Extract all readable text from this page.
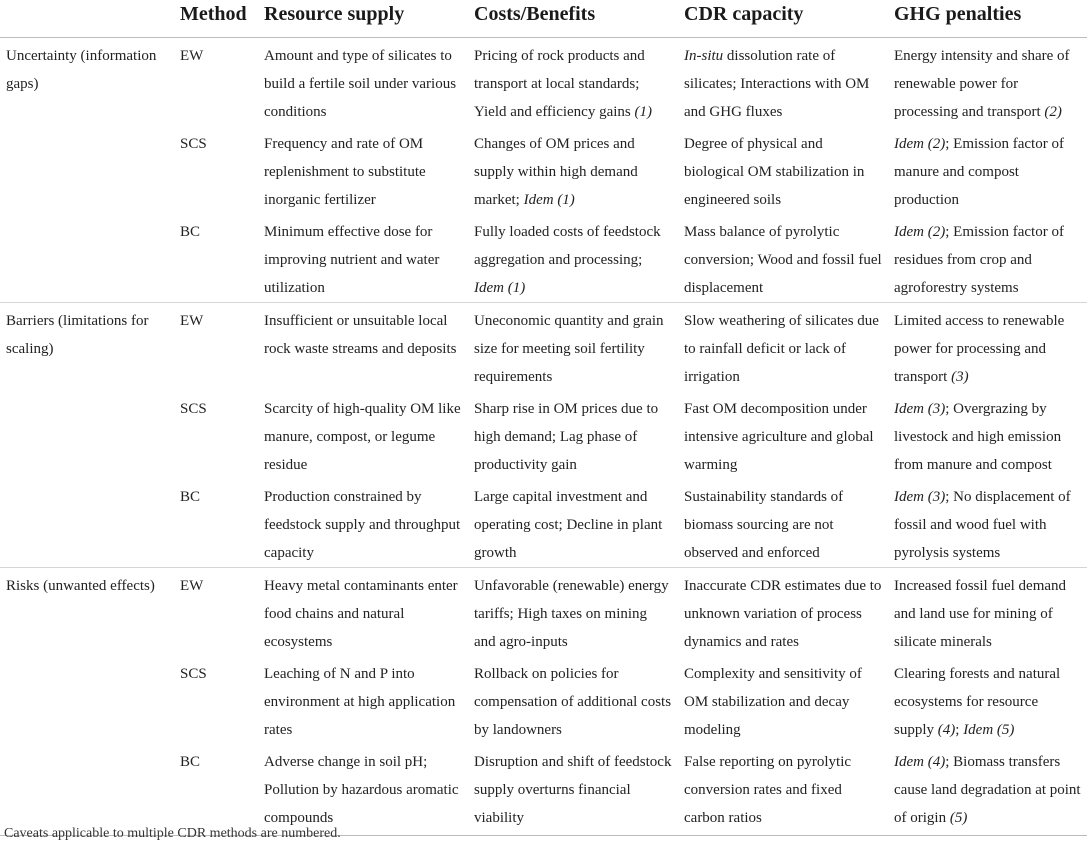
	Method	Resource supply	Costs/Benefits	CDR capacity	GHG penalties
Uncertainty (information gaps)	EW	Amount and type of silicates to build a fertile soil under various conditions	Pricing of rock products and transport at local standards; Yield and efficiency gains (1)	In-situ dissolution rate of silicates; Interactions with OM and GHG fluxes	Energy intensity and share of renewable power for processing and transport (2)
	SCS	Frequency and rate of OM replenishment to substitute inorganic fertilizer	Changes of OM prices and supply within high demand market; Idem (1)	Degree of physical and biological OM stabilization in engineered soils	Idem (2); Emission factor of manure and compost production
	BC	Minimum effective dose for improving nutrient and water utilization	Fully loaded costs of feedstock aggregation and processing; Idem (1)	Mass balance of pyrolytic conversion; Wood and fossil fuel displacement	Idem (2); Emission factor of residues from crop and agroforestry systems
Barriers (limitations for scaling)	EW	Insufficient or unsuitable local rock waste streams and deposits	Uneconomic quantity and grain size for meeting soil fertility requirements	Slow weathering of silicates due to rainfall deficit or lack of irrigation	Limited access to renewable power for processing and transport (3)
	SCS	Scarcity of high-quality OM like manure, compost, or legume residue	Sharp rise in OM prices due to high demand; Lag phase of productivity gain	Fast OM decomposition under intensive agriculture and global warming	Idem (3); Overgrazing by livestock and high emission from manure and compost
	BC	Production constrained by feedstock supply and throughput capacity	Large capital investment and operating cost; Decline in plant growth	Sustainability standards of biomass sourcing are not observed and enforced	Idem (3); No displacement of fossil and wood fuel with pyrolysis systems
Risks (unwanted effects)	EW	Heavy metal contaminants enter food chains and natural ecosystems	Unfavorable (renewable) energy tariffs; High taxes on mining and agro-inputs	Inaccurate CDR estimates due to unknown variation of process dynamics and rates	Increased fossil fuel demand and land use for mining of silicate minerals
	SCS	Leaching of N and P into environment at high application rates	Rollback on policies for compensation of additional costs by landowners	Complexity and sensitivity of OM stabilization and decay modeling	Clearing forests and natural ecosystems for resource supply (4); Idem (5)
	BC	Adverse change in soil pH; Pollution by hazardous aromatic compounds	Disruption and shift of feedstock supply overturns financial viability	False reporting on pyrolytic conversion rates and fixed carbon ratios	Idem (4); Biomass transfers cause land degradation at point of origin (5)
Caveats applicable to multiple CDR methods are numbered.
